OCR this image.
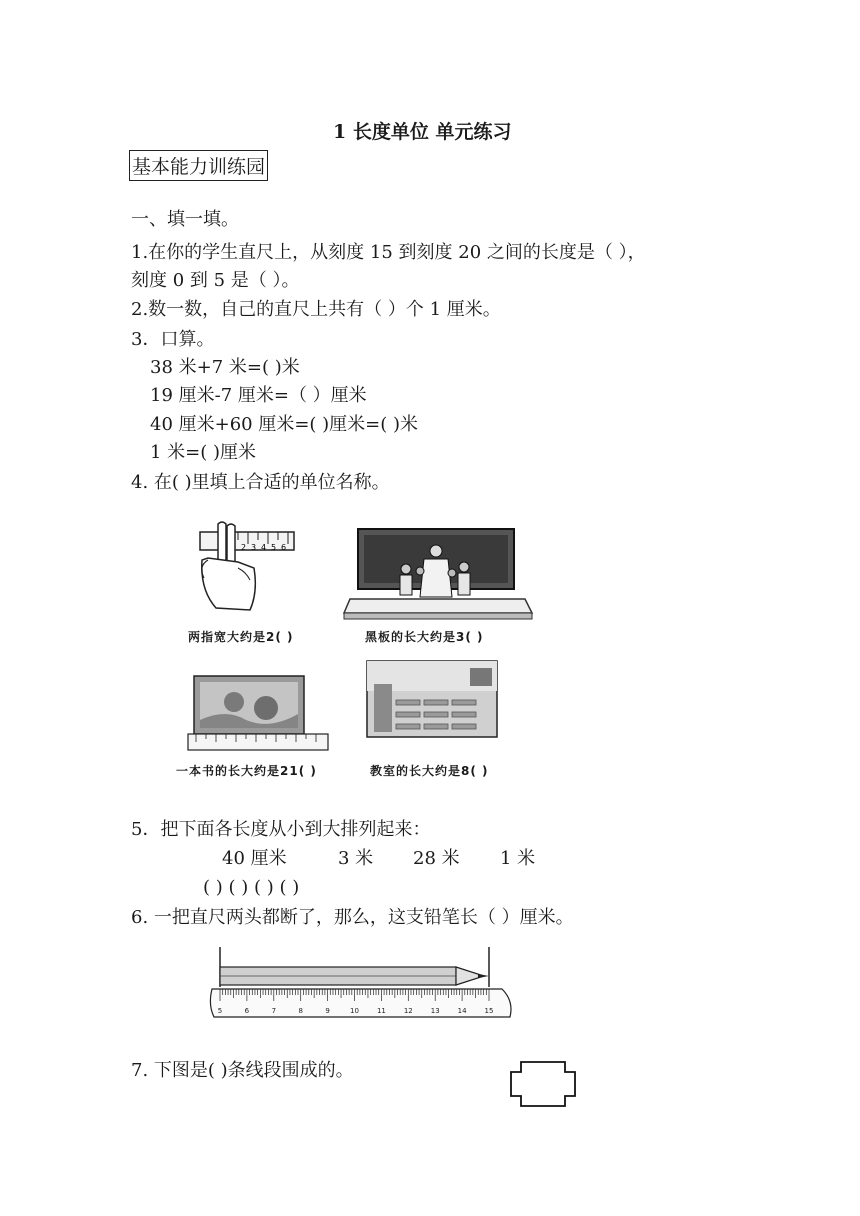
1 长度单位 单元练习
基本能力训练园
一、填一填。
1.在你的学生直尺上，从刻度 15 到刻度 20 之间的长度是（ ），
刻度 0 到 5 是（ ）。
2.数一数，自己的直尺上共有（ ）个 1 厘米。
3．口算。
38 米+7 米=( )米
19 厘米-7 厘米=（ ）厘米
40 厘米+60 厘米=( )厘米=( )米
1 米=( )厘米
4. 在( )里填上合适的单位名称。
2 3 4 5 6
两指宽大约是2( )	黑板的长大约是3( )
一本书的长大约是21( )	教室的长大约是8( )
5．把下面各长度从小到大排列起来：
40 厘米	3 米 28 米 1 米
( ) ( ) ( ) ( )
6. 一把直尺两头都断了，那么，这支铅笔长（ ）厘米。
5	6	7	8	9	10	11	12	13	14	15
7. 下图是( )条线段围成的。
